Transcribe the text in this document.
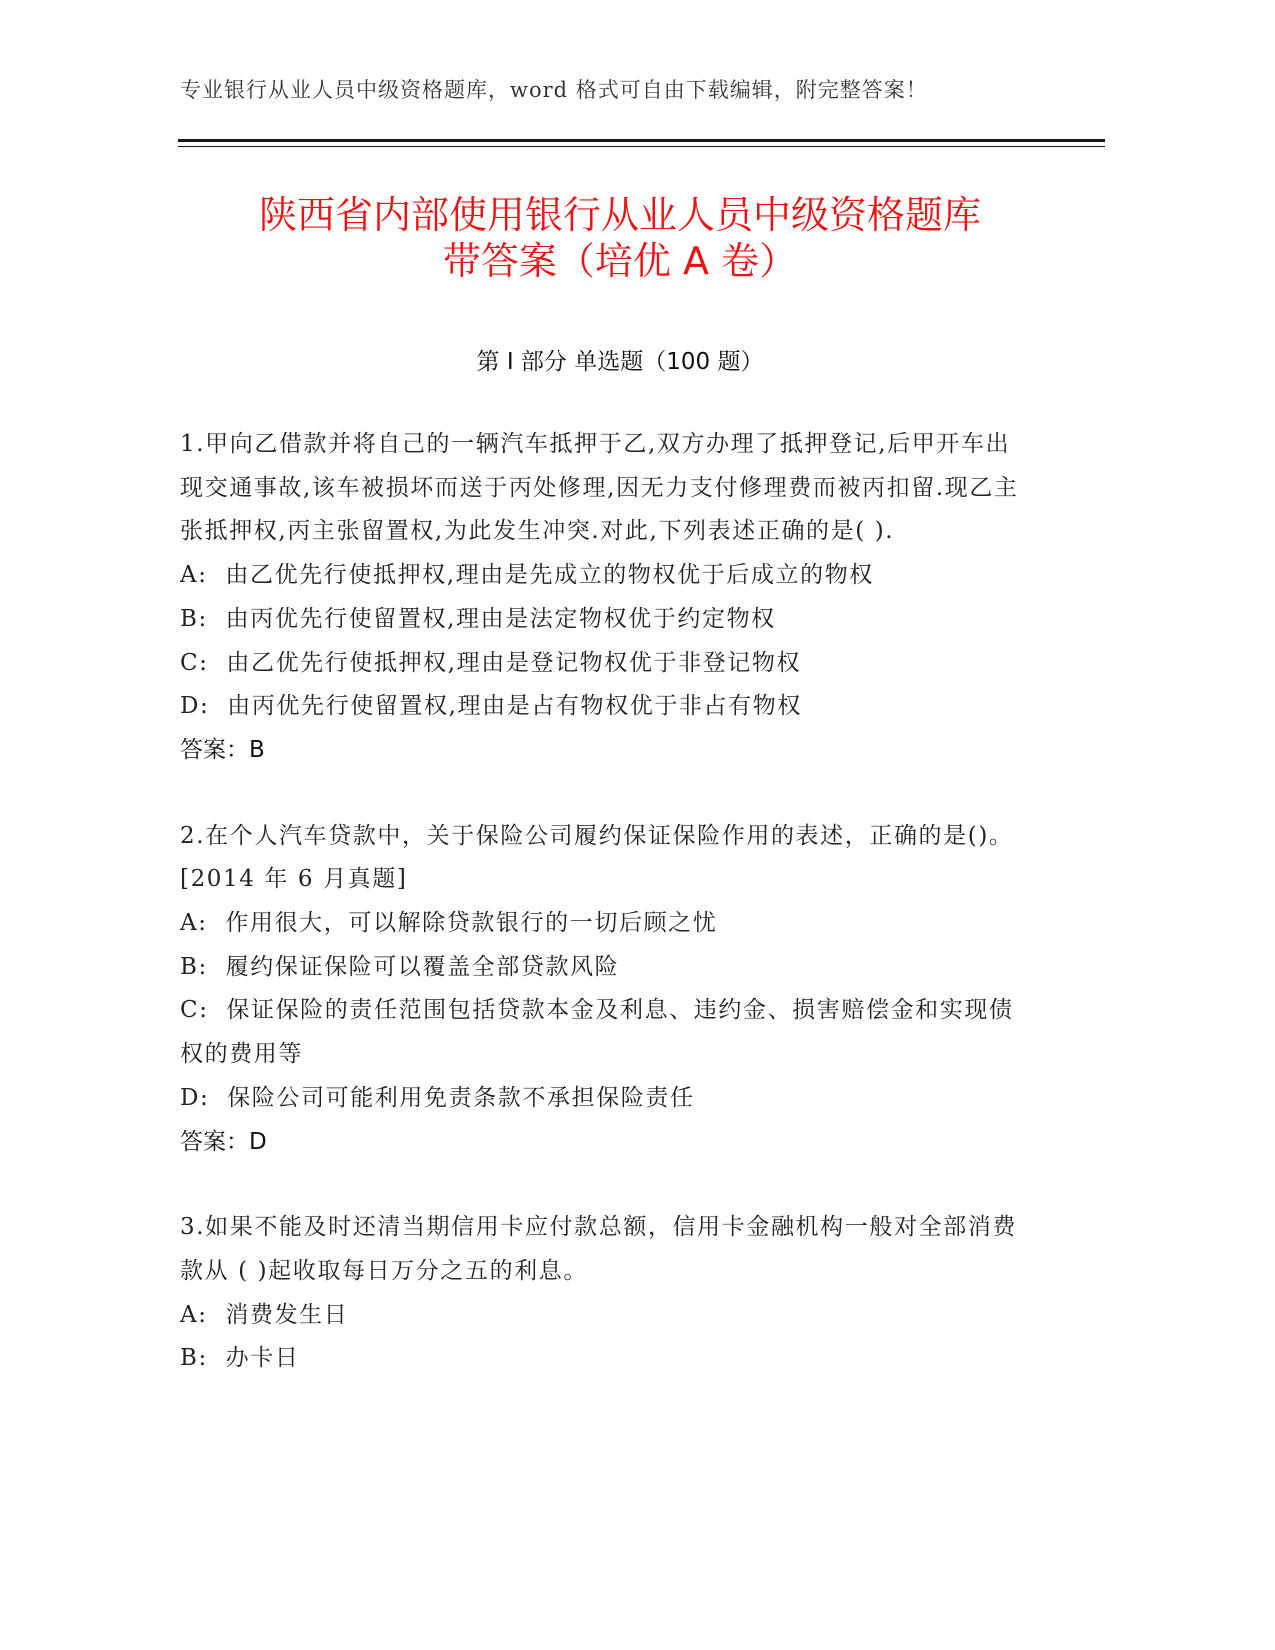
专业银行从业人员中级资格题库，word 格式可自由下载编辑，附完整答案！
陕西省内部使用银行从业人员中级资格题库
带答案（培优 A 卷）
第 I 部分 单选题（100 题）

1.甲向乙借款并将自己的一辆汽车抵押于乙,双方办理了抵押登记,后甲开车出现交通事故,该车被损坏而送于丙处修理,因无力支付修理费而被丙扣留.现乙主张抵押权,丙主张留置权,为此发生冲突.对此,下列表述正确的是( ).

A:  由乙优先行使抵押权,理由是先成立的物权优于后成立的物权

B:  由丙优先行使留置权,理由是法定物权优于约定物权

C:  由乙优先行使抵押权,理由是登记物权优于非登记物权

D:  由丙优先行使留置权,理由是占有物权优于非占有物权

答案：B

2.在个人汽车贷款中，关于保险公司履约保证保险作用的表述，正确的是()。[2014 年 6 月真题]

A:  作用很大，可以解除贷款银行的一切后顾之忧

B:  履约保证保险可以覆盖全部贷款风险

C:  保证保险的责任范围包括贷款本金及利息、违约金、损害赔偿金和实现债权的费用等

D:  保险公司可能利用免责条款不承担保险责任

答案：D

3.如果不能及时还清当期信用卡应付款总额，信用卡金融机构一般对全部消费款从 ( )起收取每日万分之五的利息。

A:  消费发生日

B:  办卡日
